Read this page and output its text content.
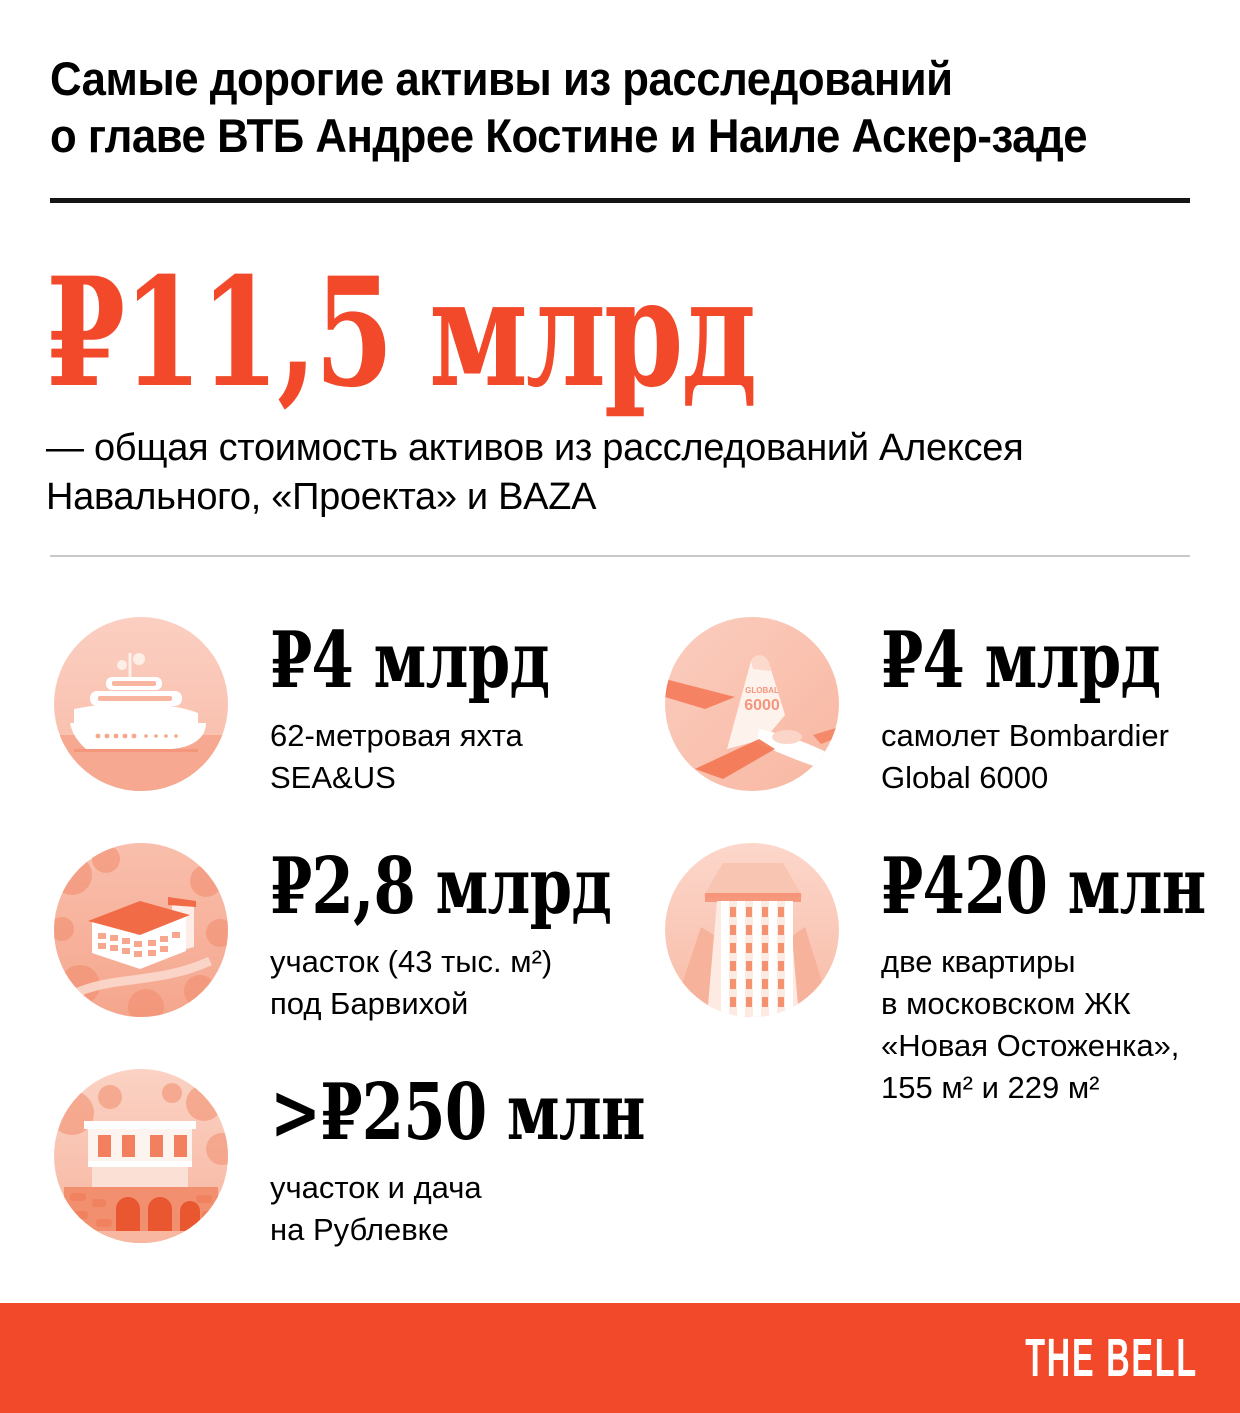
Самые дорогие активы из расследований
о главе ВТБ Андрее Костине и Наиле Аскер-заде
₽11,5 млрд

— общая стоимость активов из расследований Алексея
Навального, «Проекта» и BAZA

₽4 млрд
62-метровая яхта
SEA&US
₽2,8 млрд
участок (43 тыс. м²)
под Барвихой
>₽250 млн
участок и дача
на Рублевке
GLOBAL
6000 ₽4 млрд
самолет Bombardier
Global 6000
₽420 млн
две квартиры
в московском ЖК
«Новая Остоженка»,
155 м² и 229 м²
THE BELL
